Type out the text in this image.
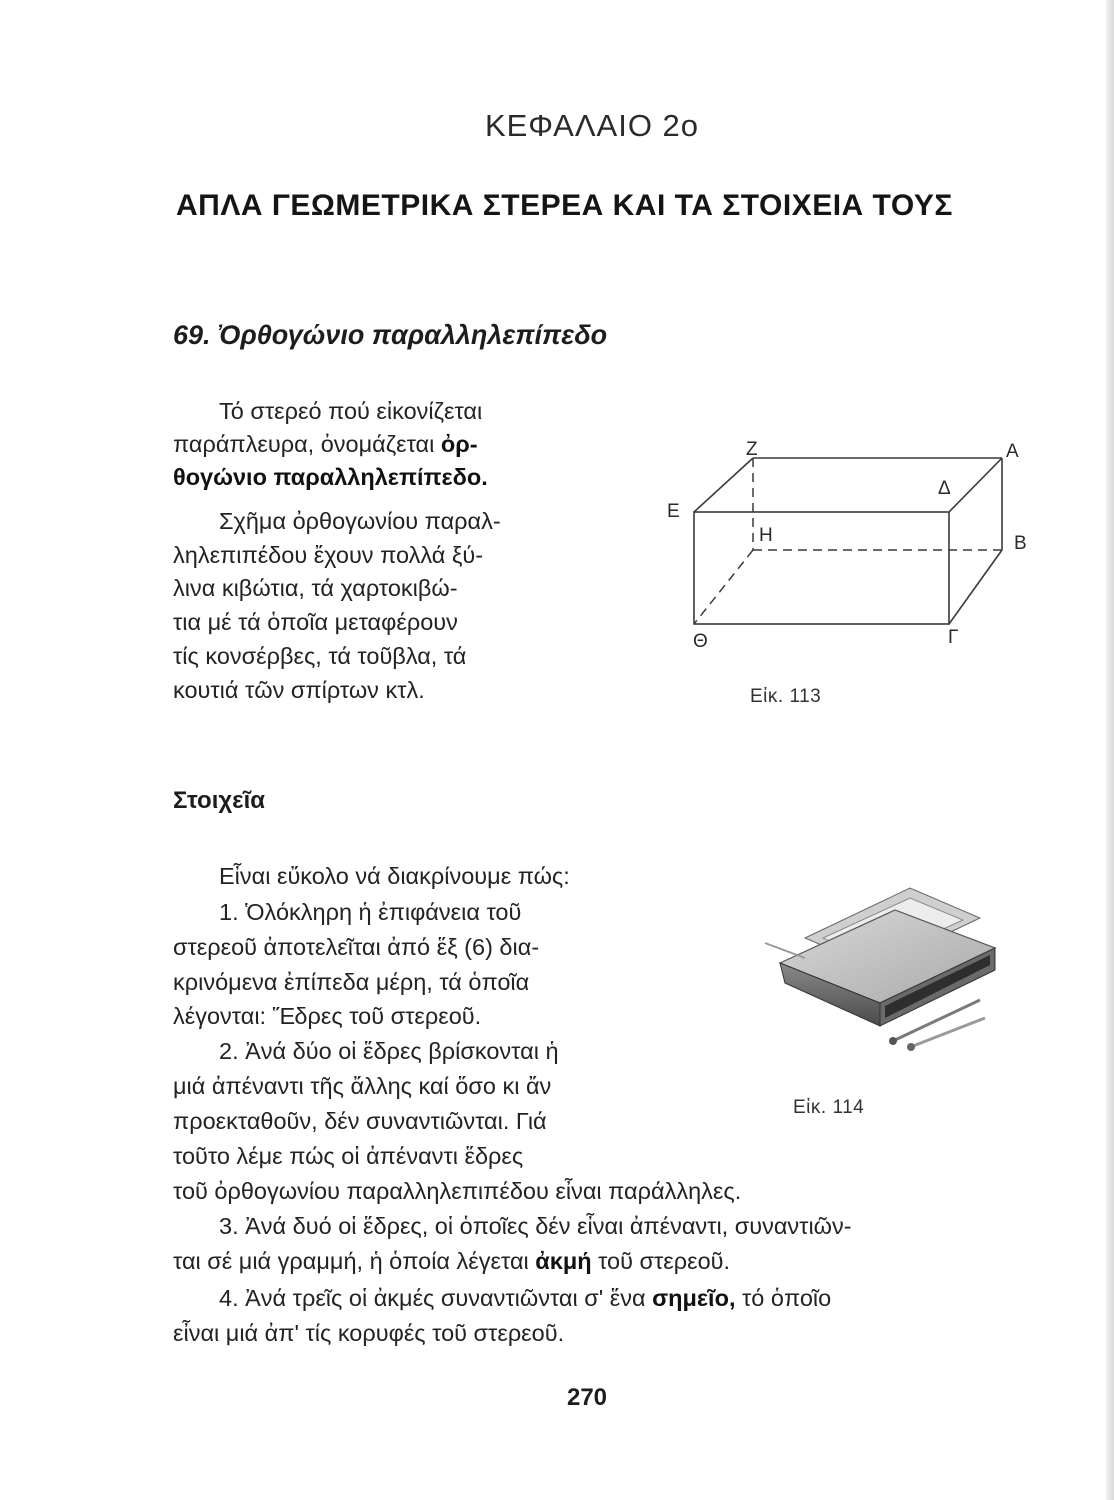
ΚΕΦΑΛΑΙΟ 2ο
ΑΠΛΑ ΓΕΩΜΕΤΡΙΚΑ ΣΤΕΡΕΑ ΚΑΙ ΤΑ ΣΤΟΙΧΕΙΑ ΤΟΥΣ
69. Ὀρθογώνιο παραλληλεπίπεδο
Τό στερεό πού εἰκονίζεται
παράπλευρα, ὀνομάζεται ὀρ-
θογώνιο παραλληλεπίπεδο.
Σχῆμα ὀρθογωνίου παραλ-
ληλεπιπέδου ἔχουν πολλά ξύ-
λινα κιβώτια, τά χαρτοκιβώ-
τια μέ τά ὁποῖα μεταφέρουν
τίς κονσέρβες, τά τοῦβλα, τά
κουτιά τῶν σπίρτων κτλ.
Ζ	Α
Δ
Ε
Η	Β
Θ	Γ
Εἰκ. 113
Στοιχεῖα
Εἶναι εὔκολο νά διακρίνουμε πώς:
1. Ὁλόκληρη ἡ ἐπιφάνεια τοῦ
στερεοῦ ἀποτελεῖται ἀπό ἕξ (6) δια-
κρινόμενα ἐπίπεδα μέρη, τά ὁποῖα
λέγονται: Ἕδρες τοῦ στερεοῦ.
2. Ἀνά δύο οἱ ἕδρες βρίσκονται ἡ
μιά ἀπέναντι τῆς ἄλλης καί ὅσο κι ἄν
προεκταθοῦν, δέν συναντιῶνται. Γιά
τοῦτο λέμε πώς οἱ ἀπέναντι ἕδρες
τοῦ ὀρθογωνίου παραλληλεπιπέδου εἶναι παράλληλες.
3. Ἀνά δυό οἱ ἕδρες, οἱ ὁποῖες δέν εἶναι ἀπέναντι, συναντιῶν-
ται σέ μιά γραμμή, ἡ ὁποία λέγεται ἀκμή τοῦ στερεοῦ.
4. Ἀνά τρεῖς οἱ ἀκμές συναντιῶνται σ' ἕνα σημεῖο, τό ὁποῖο
εἶναι μιά ἀπ' τίς κορυφές τοῦ στερεοῦ.
Εἰκ. 114
270
